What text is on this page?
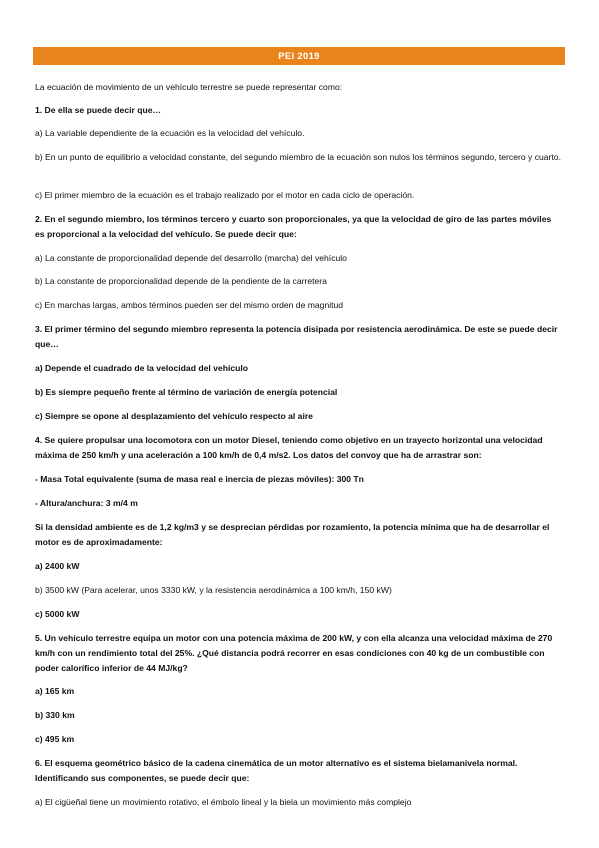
PEI 2019

La ecuación de movimiento de un vehículo terrestre se puede representar como:

1. De ella se puede decir que…

a) La variable dependiente de la ecuación es la velocidad del vehículo.

b) En un punto de equilibrio a velocidad constante, del segundo miembro de la ecuación son nulos los términos segundo, tercero y cuarto.

c) El primer miembro de la ecuación es el trabajo realizado por el motor en cada ciclo de operación.

2. En el segundo miembro, los términos tercero y cuarto son proporcionales, ya que la velocidad de giro de las partes móviles es proporcional a la velocidad del vehículo. Se puede decir que:

a) La constante de proporcionalidad depende del desarrollo (marcha) del vehículo

b) La constante de proporcionalidad depende de la pendiente de la carretera

c) En marchas largas, ambos términos pueden ser del mismo orden de magnitud

3. El primer término del segundo miembro representa la potencia disipada por resistencia aerodinámica. De este se puede decir que…

a) Depende el cuadrado de la velocidad del vehículo

b) Es siempre pequeño frente al término de variación de energía potencial

c) Siempre se opone al desplazamiento del vehículo respecto al aire

4. Se quiere propulsar una locomotora con un motor Diesel, teniendo como objetivo en un trayecto horizontal una velocidad máxima de 250 km/h y una aceleración a 100 km/h de 0,4 m/s2. Los datos del convoy que ha de arrastrar son:

- Masa Total equivalente (suma de masa real e inercia de piezas móviles): 300 Tn

- Altura/anchura: 3 m/4 m

Si la densidad ambiente es de 1,2 kg/m3 y se desprecian pérdidas por rozamiento, la potencia mínima que ha de desarrollar el motor es de aproximadamente:

a) 2400 kW

b) 3500 kW (Para acelerar, unos 3330 kW, y la resistencia aerodinámica a 100 km/h, 150 kW)

c) 5000 kW

5. Un vehículo terrestre equipa un motor con una potencia máxima de 200 kW, y con ella alcanza una velocidad máxima de 270 km/h con un rendimiento total del 25%. ¿Qué distancia podrá recorrer en esas condiciones con 40 kg de un combustible con poder calorífico inferior de 44 MJ/kg?

a) 165 km

b) 330 km

c) 495 km

6. El esquema geométrico básico de la cadena cinemática de un motor alternativo es el sistema bielamanivela normal. Identificando sus componentes, se puede decir que:

a) El cigüeñal tiene un movimiento rotativo, el émbolo lineal y la biela un movimiento más complejo
